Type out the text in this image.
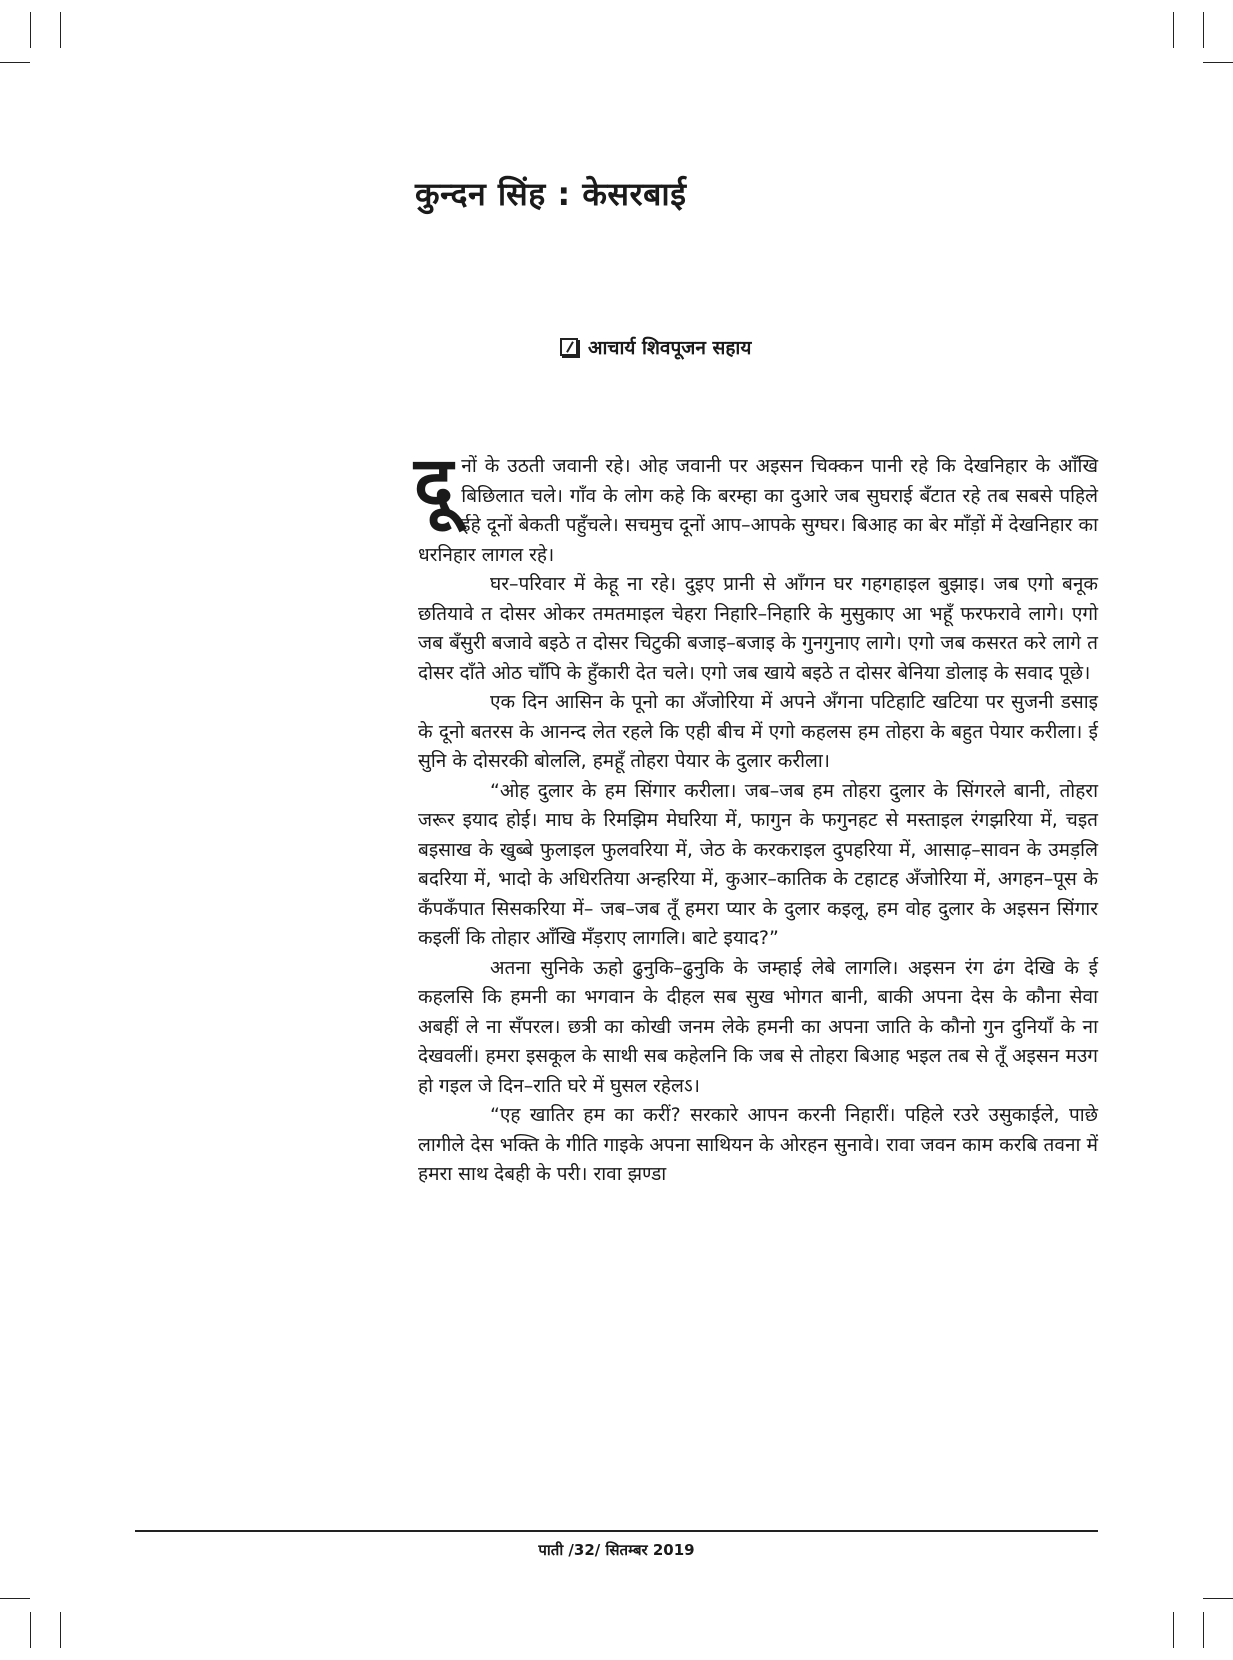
कुन्दन सिंह : केसरबाई
आचार्य शिवपूजन सहाय

दूनों के उठती जवानी रहे। ओह जवानी पर अइसन चिक्कन पानी रहे कि देखनिहार के आँखि बिछिलात चले। गाँव के लोग कहे कि बरम्हा का दुआरे जब सुघराई बँटात रहे तब सबसे पहिले ईहे दूनों बेकती पहुँचले। सचमुच दूनों आप–आपके सुग्घर। बिआह का बेर माँड़ों में देखनिहार का धरनिहार लागल रहे।

घर–परिवार में केहू ना रहे। दुइए प्रानी से आँगन घर गहगहाइल बुझाइ। जब एगो बनूक छतियावे त दोसर ओकर तमतमाइल चेहरा निहारि–निहारि के मुसुकाए आ भहूँ फरफरावे लागे। एगो जब बँसुरी बजावे बइठे त दोसर चिटुकी बजाइ–बजाइ के गुनगुनाए लागे। एगो जब कसरत करे लागे त दोसर दाँते ओठ चाँपि के हुँकारी देत चले। एगो जब खाये बइठे त दोसर बेनिया डोलाइ के सवाद पूछे।

एक दिन आसिन के पूनो का अँजोरिया में अपने अँगना पटिहाटि खटिया पर सुजनी डसाइ के दूनो बतरस के आनन्द लेत रहले कि एही बीच में एगो कहलस हम तोहरा के बहुत पेयार करीला। ई सुनि के दोसरकी बोललि, हमहूँ तोहरा पेयार के दुलार करीला।

“ओह दुलार के हम सिंगार करीला। जब–जब हम तोहरा दुलार के सिंगरले बानी, तोहरा जरूर इयाद होई। माघ के रिमझिम मेघरिया में, फागुन के फगुनहट से मस्ताइल रंगझरिया में, चइत बइसाख के खुब्बे फुलाइल फुलवरिया में, जेठ के करकराइल दुपहरिया में, आसाढ़–सावन के उमड़लि बदरिया में, भादो के अधिरतिया अन्हरिया में, कुआर–कातिक के टहाटह अँजोरिया में, अगहन–पूस के कँपकँपात सिसकरिया में– जब–जब तूँ हमरा प्यार के दुलार कइलू, हम वोह दुलार के अइसन सिंगार कइलीं कि तोहार आँखि मँड़राए लागलि। बाटे इयाद?”

अतना सुनिके ऊहो ढुनुकि–ढुनुकि के जम्हाई लेबे लागलि। अइसन रंग ढंग देखि के ई कहलसि कि हमनी का भगवान के दीहल सब सुख भोगत बानी, बाकी अपना देस के कौना सेवा अबहीं ले ना सँपरल। छत्री का कोखी जनम लेके हमनी का अपना जाति के कौनो गुन दुनियाँ के ना देखवलीं। हमरा इसकूल के साथी सब कहेलनि कि जब से तोहरा बिआह भइल तब से तूँ अइसन मउग हो गइल जे दिन–राति घरे में घुसल रहेलऽ।

“एह खातिर हम का करीं? सरकारे आपन करनी निहारीं। पहिले रउरे उसुकाईले, पाछे लागीले देस भक्ति के गीति गाइके अपना साथियन के ओरहन सुनावे। रावा जवन काम करबि तवना में हमरा साथ देबही के परी। रावा झण्डा

पाती /32/ सितम्बर 2019
